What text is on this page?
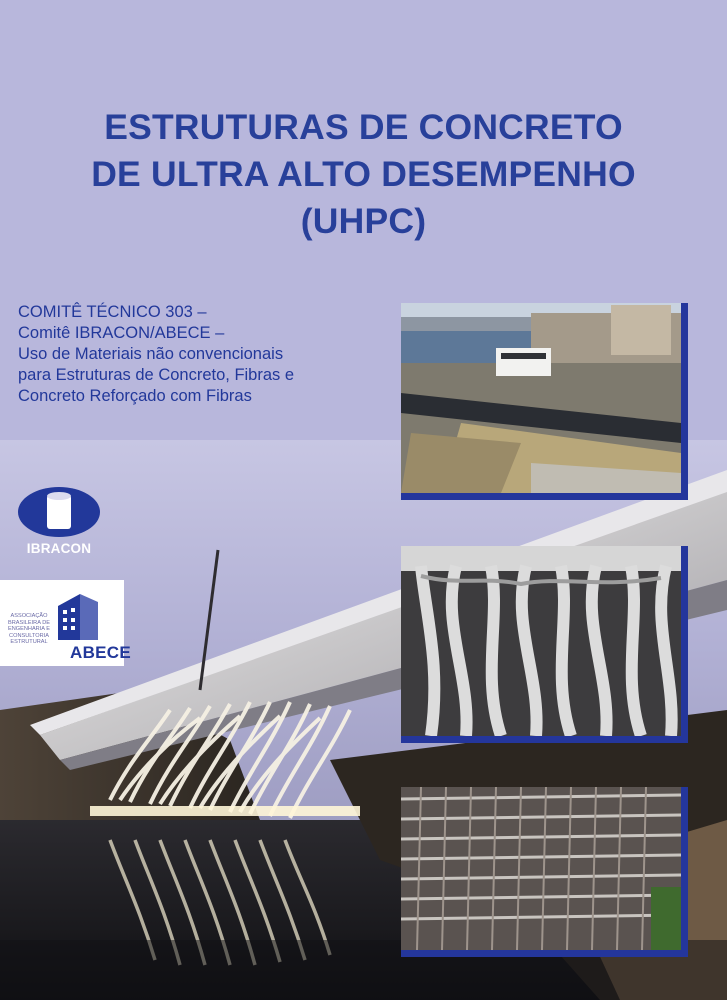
ESTRUTURAS DE CONCRETO
DE ULTRA ALTO DESEMPENHO
(UHPC)
COMITÊ TÉCNICO 303 –
Comitê IBRACON/ABECE –
Uso de Materiais não convencionais
para Estruturas de Concreto, Fibras e
Concreto Reforçado com Fibras
IBRACON
ASSOCIAÇÃO
BRASILEIRA DE
ENGENHARIA E
CONSULTORIA
ESTRUTURAL
ABECE
